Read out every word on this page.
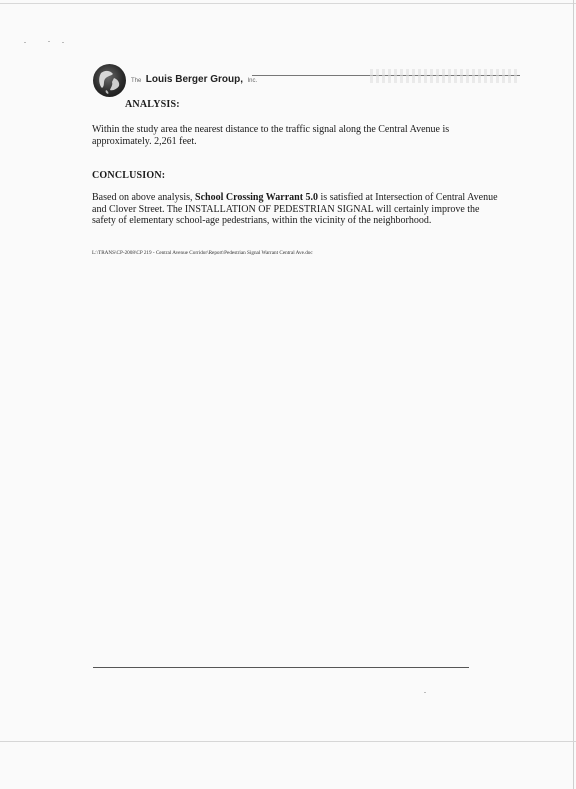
The Louis Berger Group, Inc.
ANALYSIS:
Within the study area the nearest distance to the traffic signal along the Central Avenue is approximately. 2,261 feet.
CONCLUSION:
Based on above analysis, School Crossing Warrant 5.0 is satisfied at Intersection of Central Avenue and Clover Street. The INSTALLATION OF PEDESTRIAN SIGNAL will certainly improve the safety of elementary school-age pedestrians, within the vicinity of the neighborhood.
L:\TRANS\CP-2008\CP 219 - Central Avenue Corridor\Report\Pedestrian Signal Warrant Central Ave.doc
